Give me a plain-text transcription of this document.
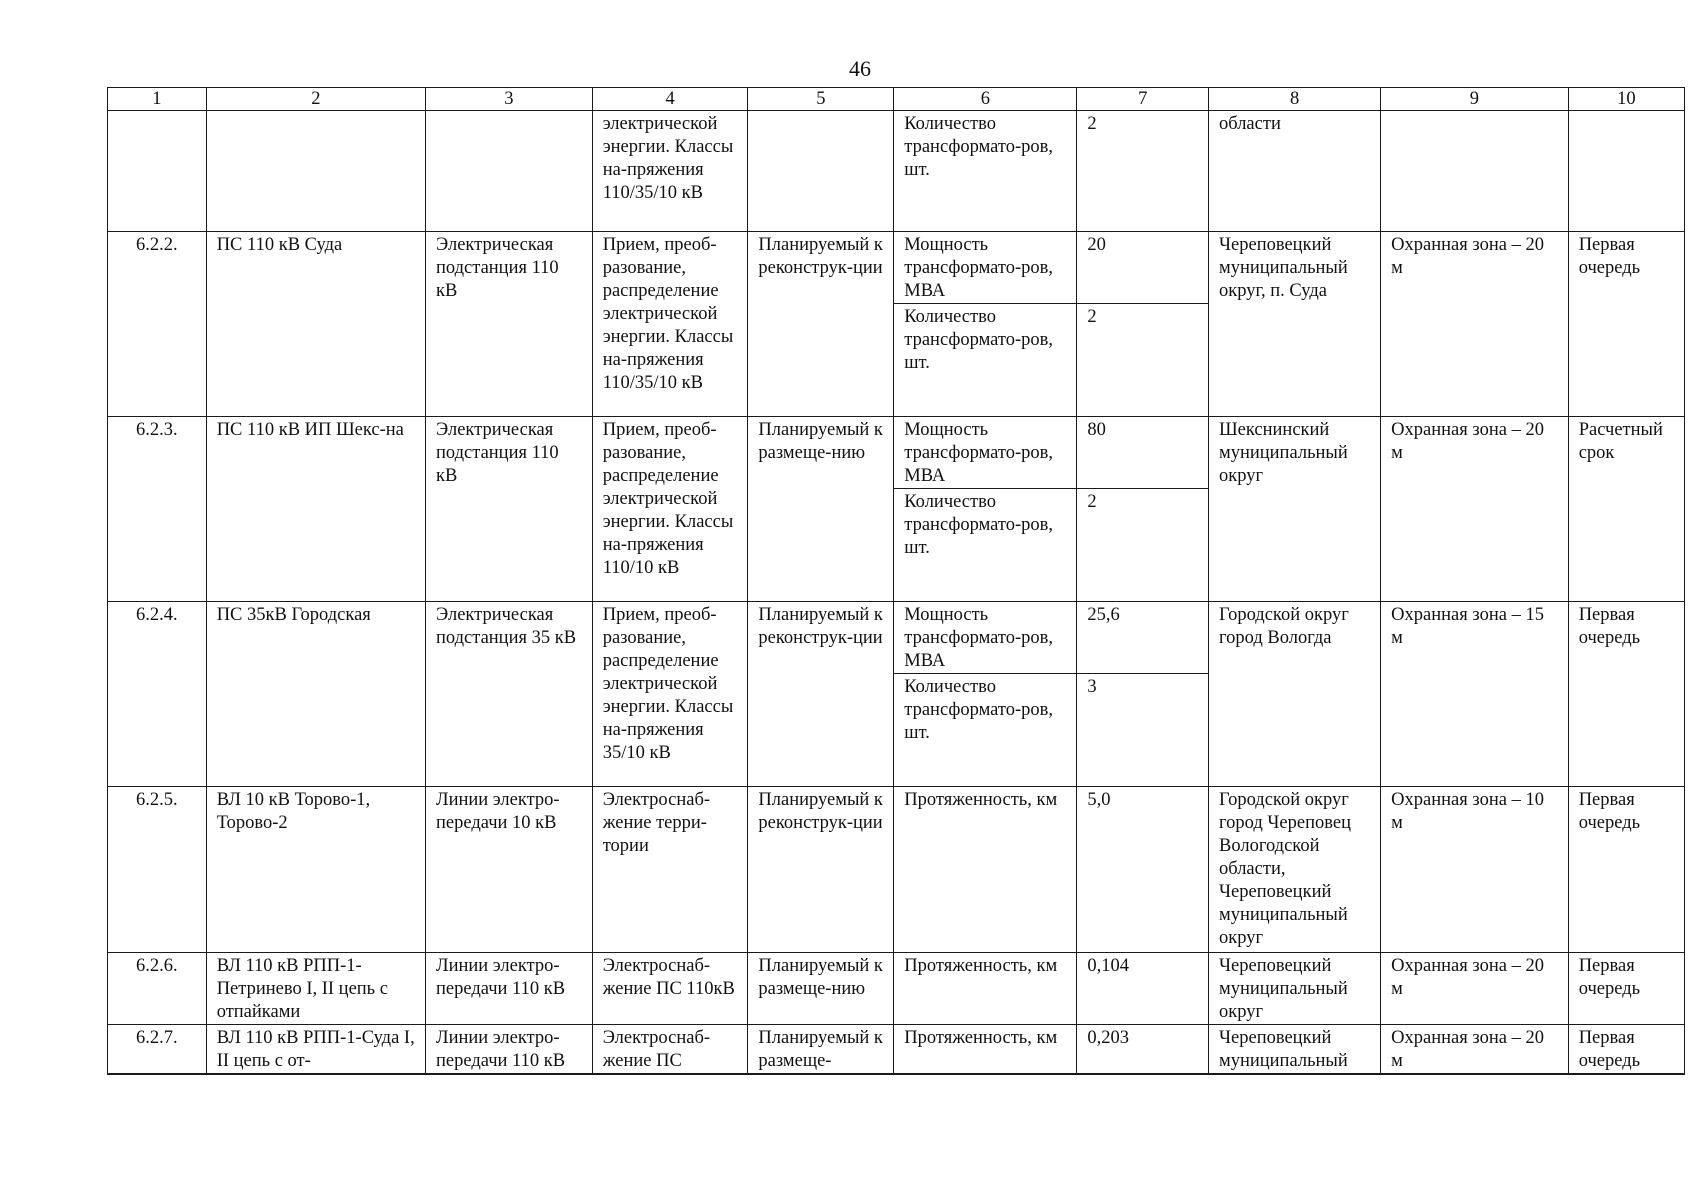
46
1	2	3	4	5	6	7	8	9	10
			электрической энергии. Классы на-пряжения 110/35/10 кВ		Количество трансформато-ров, шт.	2	области		
6.2.2.	ПС 110 кВ Суда	Электрическая подстанция 110 кВ	Прием, преоб-разование, распределение электрической энергии. Классы на-пряжения 110/35/10 кВ	Планируемый к реконструк-ции	Мощность трансформато-ров, МВА	20	Череповецкий муниципальный округ, п. Суда	Охранная зона – 20 м	Первая очередь
					Количество трансформато-ров, шт.	2			
6.2.3.	ПС 110 кВ ИП Шекс-на	Электрическая подстанция 110 кВ	Прием, преоб-разование, распределение электрической энергии. Классы на-пряжения 110/10 кВ	Планируемый к размеще-нию	Мощность трансформато-ров, МВА	80	Шекснинский муниципальный округ	Охранная зона – 20 м	Расчетный срок
					Количество трансформато-ров, шт.	2			
6.2.4.	ПС 35кВ Городская	Электрическая подстанция 35 кВ	Прием, преоб-разование, распределение электрической энергии. Классы на-пряжения 35/10 кВ	Планируемый к реконструк-ции	Мощность трансформато-ров, МВА	25,6	Городской округ город Вологда	Охранная зона – 15 м	Первая очередь
					Количество трансформато-ров, шт.	3			
6.2.5.	ВЛ 10 кВ Торово-1, Торово-2	Линии электро-передачи 10 кВ	Электроснаб-жение терри-тории	Планируемый к реконструк-ции	Протяженность, км	5,0	Городской округ город Череповец Вологодской области, Череповецкий муниципальный округ	Охранная зона – 10 м	Первая очередь
6.2.6.	ВЛ 110 кВ РПП-1-Петринево I, II цепь с отпайками	Линии электро-передачи 110 кВ	Электроснаб-жение ПС 110кВ	Планируемый к размеще-нию	Протяженность, км	0,104	Череповецкий муниципальный округ	Охранная зона – 20 м	Первая очередь
6.2.7.	ВЛ 110 кВ РПП-1-Суда I, II цепь с от-	Линии электро-передачи 110 кВ	Электроснаб-жение ПС	Планируемый к размеще-	Протяженность, км	0,203	Череповецкий муниципальный	Охранная зона – 20 м	Первая очередь
